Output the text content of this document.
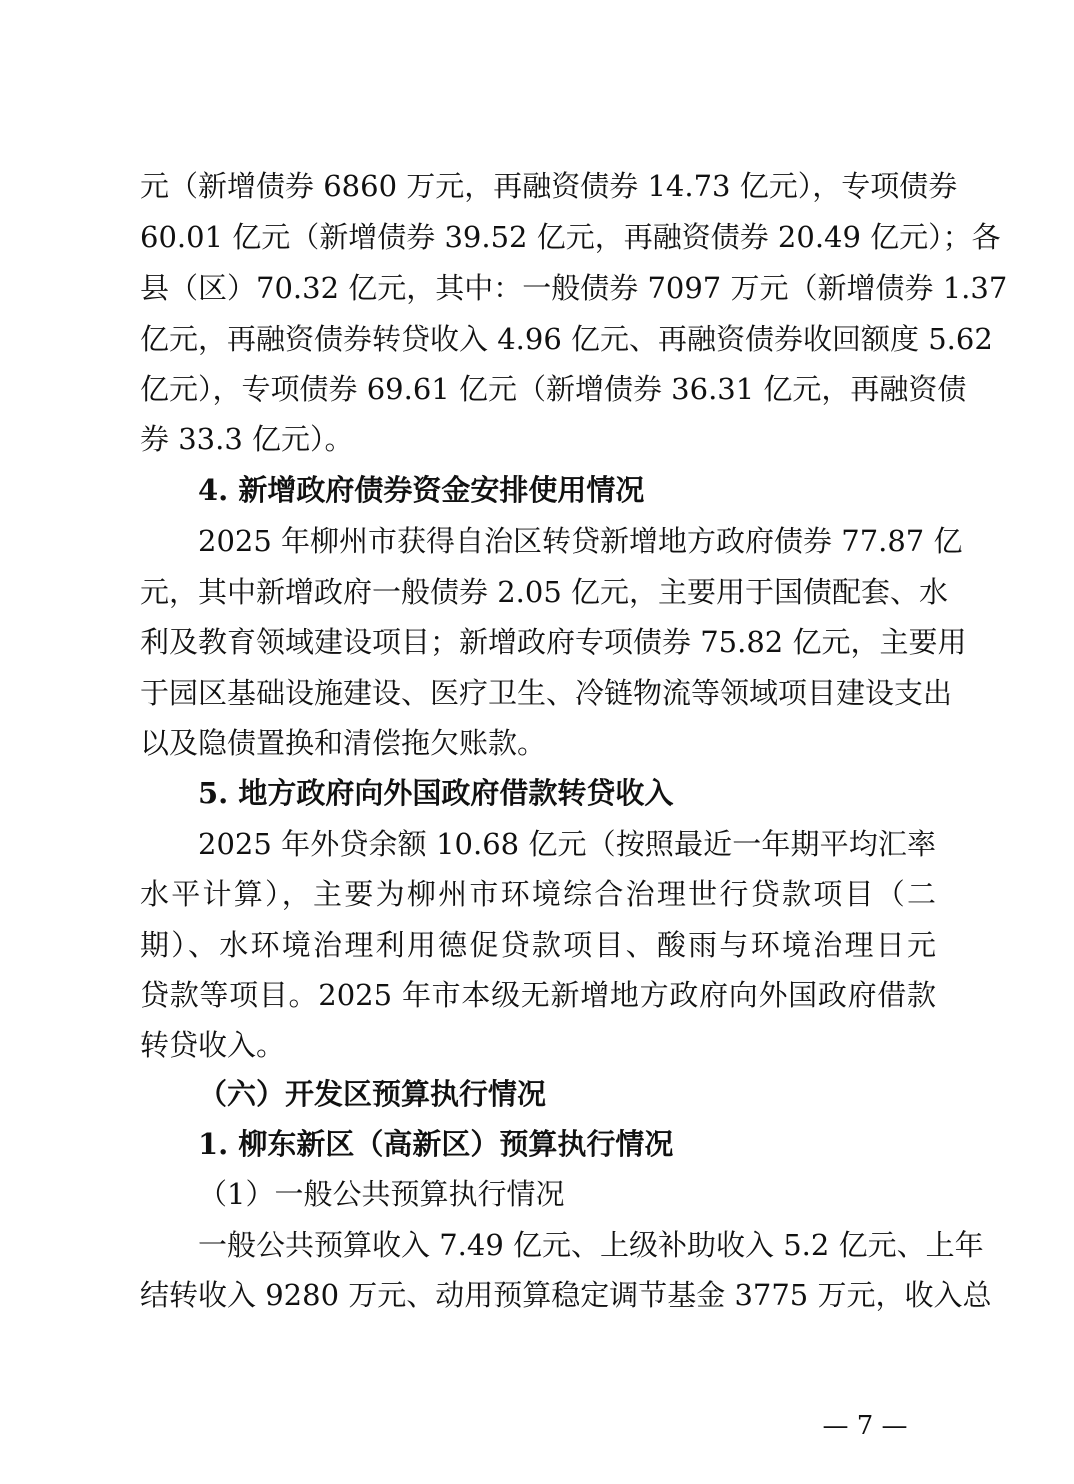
元（新增债券 6860 万元，再融资债券 14.73 亿元），专项债券
60.01 亿元（新增债券 39.52 亿元，再融资债券 20.49 亿元）；各
县（区）70.32 亿元，其中：一般债券 7097 万元（新增债券 1.37
亿元，再融资债券转贷收入 4.96 亿元、再融资债券收回额度 5.62
亿元），专项债券 69.61 亿元（新增债券 36.31 亿元，再融资债
券 33.3 亿元）。
4. 新增政府债券资金安排使用情况
2025 年柳州市获得自治区转贷新增地方政府债券 77.87 亿
元，其中新增政府一般债券 2.05 亿元，主要用于国债配套、水
利及教育领域建设项目；新增政府专项债券 75.82 亿元，主要用
于园区基础设施建设、医疗卫生、冷链物流等领域项目建设支出
以及隐债置换和清偿拖欠账款。
5. 地方政府向外国政府借款转贷收入
2025 年外贷余额 10.68 亿元（按照最近一年期平均汇率
水平计算），主要为柳州市环境综合治理世行贷款项目（二
期）、水环境治理利用德促贷款项目、酸雨与环境治理日元
贷款等项目。2025 年市本级无新增地方政府向外国政府借款
转贷收入。
（六）开发区预算执行情况
1. 柳东新区（高新区）预算执行情况
（1）一般公共预算执行情况
一般公共预算收入 7.49 亿元、上级补助收入 5.2 亿元、上年
结转收入 9280 万元、动用预算稳定调节基金 3775 万元，收入总
— 7 —
